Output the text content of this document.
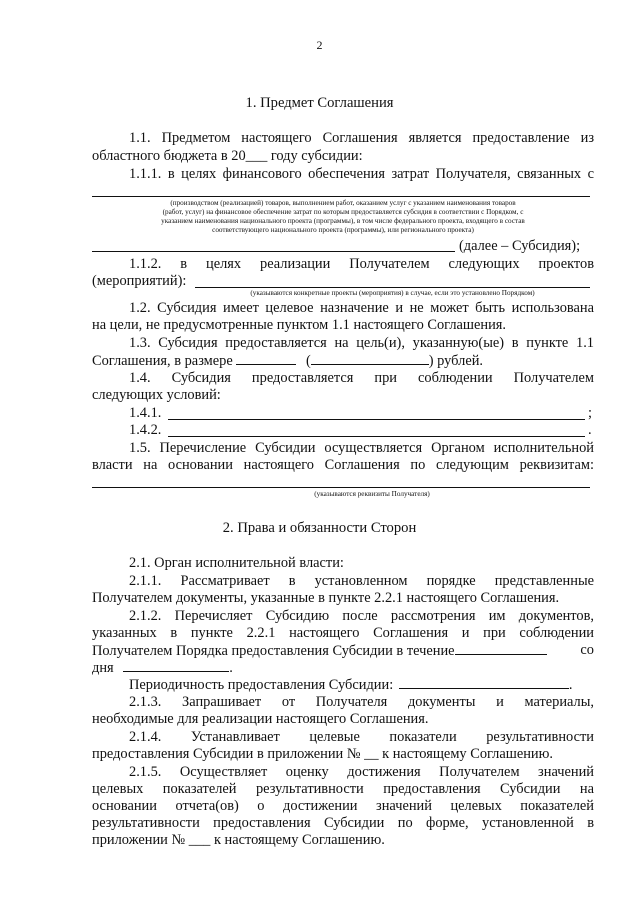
2
1. Предмет Соглашения
1.1. Предметом настоящего Соглашения является предоставление из
областного бюджета в 20___ году субсидии:
1.1.1. в целях финансового обеспечения затрат Получателя, связанных с
(производством (реализацией) товаров, выполнением работ, оказанием услуг с указанием наименования товаров
(работ, услуг) на финансовое обеспечение затрат по которым предоставляется субсидия в соответствии с Порядком, с
указанием наименования национального проекта (программы), в том числе федерального проекта, входящего в состав
соответствующего национального проекта (программы), или регионального проекта)
(далее – Субсидия);
1.1.2. в целях реализации Получателем следующих проектов
(мероприятий):
(указываются конкретные проекты (мероприятия) в случае, если это установлено Порядком)
1.2. Субсидия имеет целевое назначение и не может быть использована
на цели, не предусмотренные пунктом 1.1 настоящего Соглашения.
1.3. Субсидия предоставляется на цель(и), указанную(ые) в пункте 1.1
Соглашения, в размере	(	) рублей.
1.4. Субсидия предоставляется при соблюдении Получателем
следующих условий:
1.4.1.	;
1.4.2.	.
1.5. Перечисление Субсидии осуществляется Органом исполнительной
власти на основании настоящего Соглашения по следующим реквизитам:
(указываются реквизиты Получателя)
2. Права и обязанности Сторон
2.1. Орган исполнительной власти:
2.1.1. Рассматривает в установленном порядке представленные
Получателем документы, указанные в пункте 2.2.1 настоящего Соглашения.
2.1.2. Перечисляет Субсидию после рассмотрения им документов,
указанных в пункте 2.2.1 настоящего Соглашения и при соблюдении
Получателем Порядка предоставления Субсидии в течение	со
дня	.
Периодичность предоставления Субсидии:	.
2.1.3. Запрашивает от Получателя документы и материалы,
необходимые для реализации настоящего Соглашения.
2.1.4. Устанавливает целевые показатели результативности
предоставления Субсидии в приложении № __ к настоящему Соглашению.
2.1.5. Осуществляет оценку достижения Получателем значений
целевых показателей результативности предоставления Субсидии на
основании отчета(ов) о достижении значений целевых показателей
результативности предоставления Субсидии по форме, установленной в
приложении № ___ к настоящему Соглашению.
